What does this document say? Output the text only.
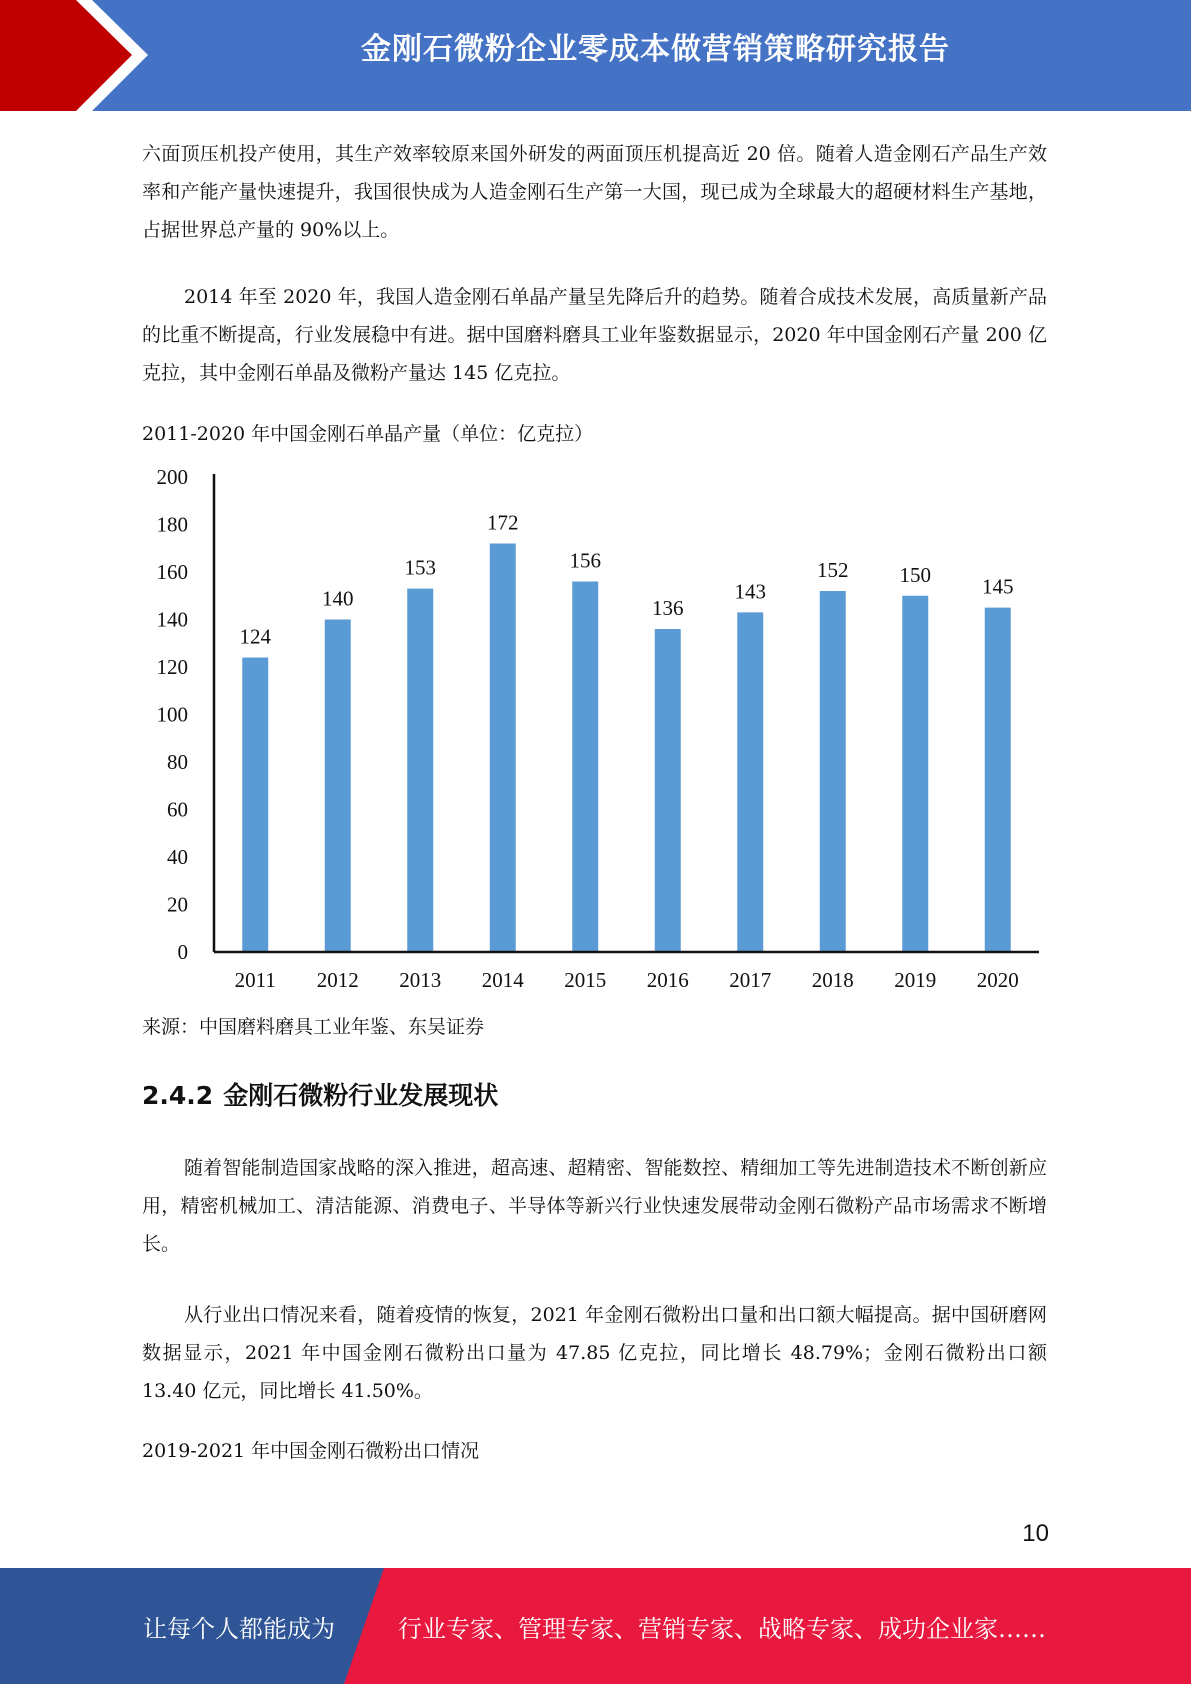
金刚石微粉企业零成本做营销策略研究报告

六面顶压机投产使用，其生产效率较原来国外研发的两面顶压机提高近 20 倍。随着人造金刚石产品生产效率和产能产量快速提升，我国很快成为人造金刚石生产第一大国，现已成为全球最大的超硬材料生产基地，占据世界总产量的 90%以上。

2014 年至 2020 年，我国人造金刚石单晶产量呈先降后升的趋势。随着合成技术发展，高质量新产品的比重不断提高，行业发展稳中有进。据中国磨料磨具工业年鉴数据显示，2020 年中国金刚石产量 200 亿克拉，其中金刚石单晶及微粉产量达 145 亿克拉。

2011-2020 年中国金刚石单晶产量（单位：亿克拉）

0
20
40
60
80
100
120
140
160
180
200
124
2011
140
2012
153
2013
172
2014
156
2015
136
2016
143
2017
152
2018
150
2019
145
2020

来源：中国磨料磨具工业年鉴、东吴证券

2.4.2 金刚石微粉行业发展现状

随着智能制造国家战略的深入推进，超高速、超精密、智能数控、精细加工等先进制造技术不断创新应用，精密机械加工、清洁能源、消费电子、半导体等新兴行业快速发展带动金刚石微粉产品市场需求不断增长。

从行业出口情况来看，随着疫情的恢复，2021 年金刚石微粉出口量和出口额大幅提高。据中国研磨网数据显示，2021 年中国金刚石微粉出口量为 47.85 亿克拉，同比增长 48.79%；金刚石微粉出口额 13.40 亿元，同比增长 41.50%。

2019-2021 年中国金刚石微粉出口情况

10
让每个人都能成为	行业专家、管理专家、营销专家、战略专家、成功企业家……
